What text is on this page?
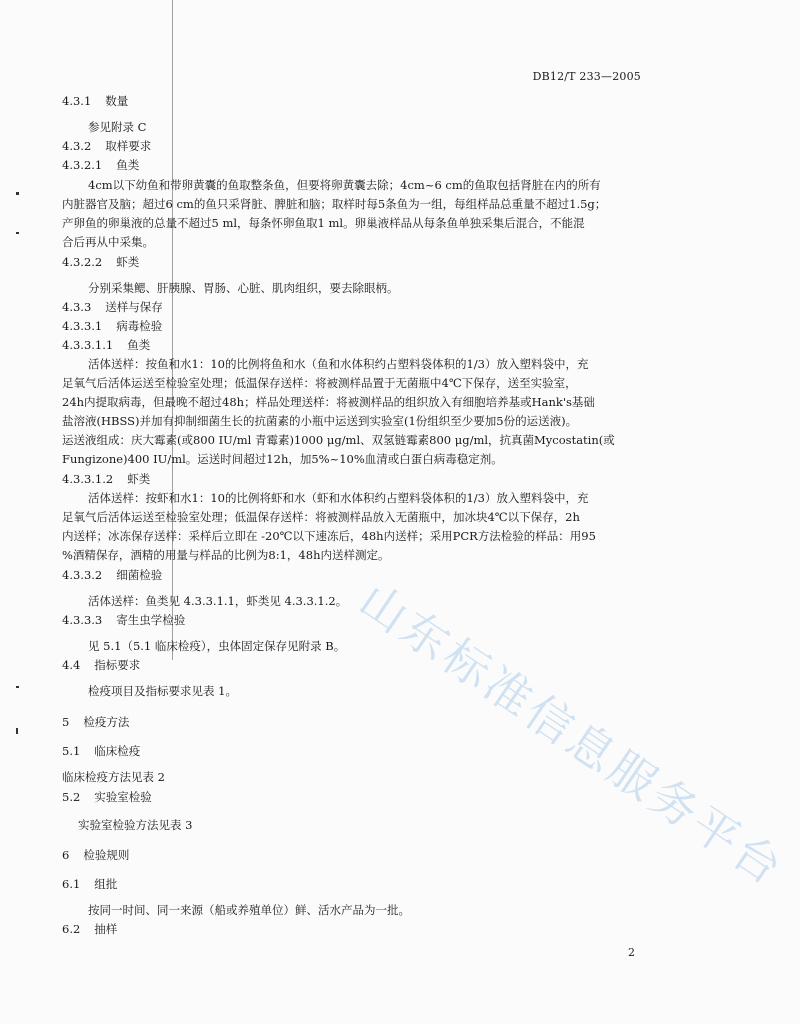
山东标准信息服务平台
DB12/T 233—2005
4.3.1 数量
参见附录 C
4.3.2 取样要求
4.3.2.1 鱼类
4cm以下幼鱼和带卵黄囊的鱼取整条鱼，但要将卵黄囊去除；4cm~6 cm的鱼取包括肾脏在内的所有
内脏器官及脑；超过6 cm的鱼只采肾脏、脾脏和脑；取样时每5条鱼为一组，每组样品总重量不超过1.5g；
产卵鱼的卵巢液的总量不超过5 ml，每条怀卵鱼取1 ml。卵巢液样品从每条鱼单独采集后混合，不能混
合后再从中采集。
4.3.2.2 虾类
分别采集鳃、肝胰腺、胃肠、心脏、肌肉组织，要去除眼柄。
4.3.3 送样与保存
4.3.3.1 病毒检验
4.3.3.1.1 鱼类
活体送样：按鱼和水1：10的比例将鱼和水（鱼和水体积约占塑料袋体积的1/3）放入塑料袋中，充
足氧气后活体运送至检验室处理；低温保存送样：将被测样品置于无菌瓶中4℃下保存，送至实验室，
24h内提取病毒，但最晚不超过48h；样品处理送样：将被测样品的组织放入有细胞培养基或Hank's基础
盐溶液(HBSS)并加有抑制细菌生长的抗菌素的小瓶中运送到实验室(1份组织至少要加5份的运送液)。
运送液组成：庆大霉素(或800 IU/ml 青霉素)1000 μg/ml、双氢链霉素800 μg/ml，抗真菌Mycostatin(或
Fungizone)400 IU/ml。运送时间超过12h，加5%~10%血清或白蛋白病毒稳定剂。
4.3.3.1.2 虾类
活体送样：按虾和水1：10的比例将虾和水（虾和水体积约占塑料袋体积的1/3）放入塑料袋中，充
足氧气后活体运送至检验室处理；低温保存送样：将被测样品放入无菌瓶中，加冰块4℃以下保存，2h
内送样；冰冻保存送样：采样后立即在 -20℃以下速冻后，48h内送样；采用PCR方法检验的样品：用95
%酒精保存，酒精的用量与样品的比例为8:1，48h内送样测定。
4.3.3.2 细菌检验
活体送样：鱼类见 4.3.3.1.1，虾类见 4.3.3.1.2。
4.3.3.3 寄生虫学检验
见 5.1（5.1 临床检疫），虫体固定保存见附录 B。
4.4 指标要求
检疫项目及指标要求见表 1。
5 检疫方法
5.1 临床检疫
临床检疫方法见表 2
5.2 实验室检验
实验室检验方法见表 3
6 检验规则
6.1 组批
按同一时间、同一来源（船或养殖单位）鲜、活水产品为一批。
6.2 抽样
2
